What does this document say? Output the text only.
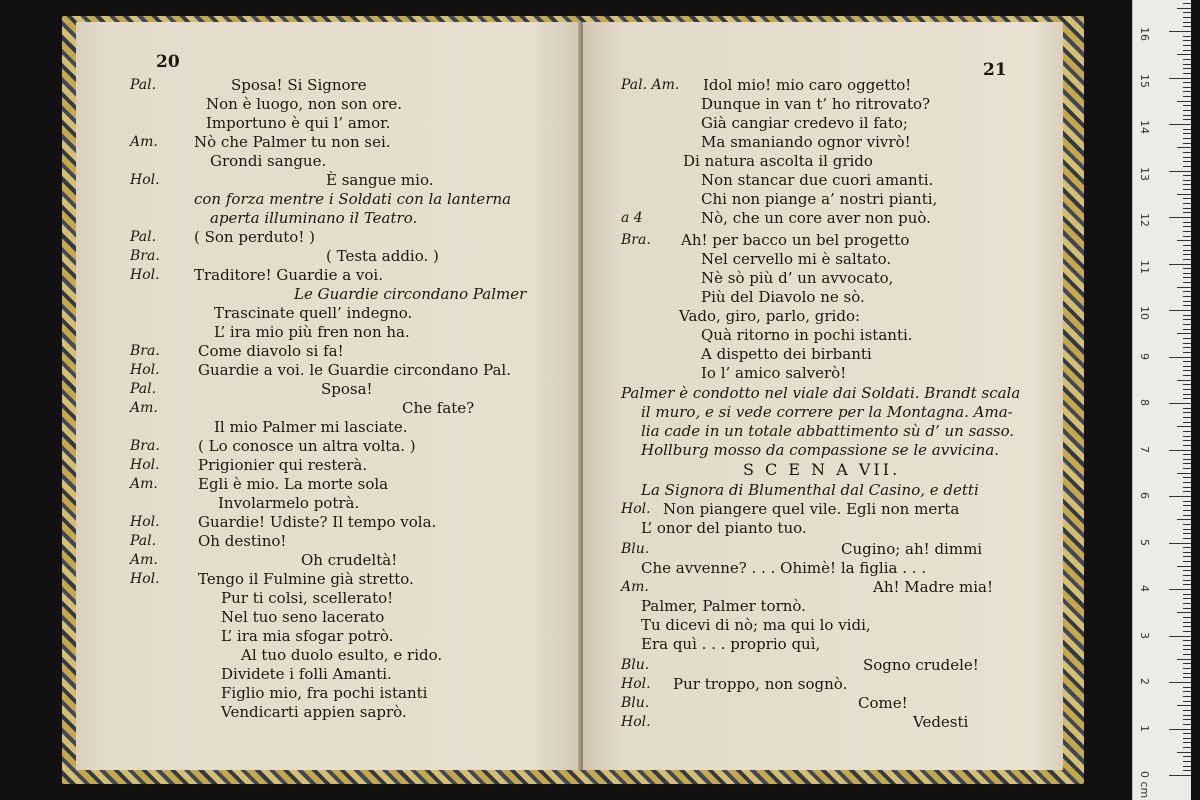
20
Pal.	Sposa! Si Signore
Non è luogo, non son ore.
Importuno è qui l’ amor.
Am. Nò che Palmer tu non sei.
Grondi sangue.
Hol.	È sangue mio.
con forza mentre i Soldati con la lanterna
aperta illuminano il Teatro.
Pal.	( Son perduto! )
Bra.	( Testa addio. )
Hol. Traditore! Guardie a voi.
Le Guardie circondano Palmer
Trascinate quell’ indegno.
L’ ira mio più fren non ha.
Bra.	Come diavolo si fa!
Hol.	Guardie a voi. le Guardie circondano Pal.
Pal.	Sposa!
Am.	Che fate?
Il mio Palmer mi lasciate.
Bra.	( Lo conosce un altra volta. )
Hol.	Prigionier qui resterà.
Am.	Egli è mio. La morte sola
Involarmelo potrà.
Hol.	Guardie! Udiste? Il tempo vola.
Pal.	Oh destino!
Am.	Oh crudeltà!
Hol.	Tengo il Fulmine già stretto.
Pur ti colsi, scellerato!
Nel tuo seno lacerato
L’ ira mia sfogar potrò.
Al tuo duolo esulto, e rido.
Dividete i folli Amanti.
Figlio mio, fra pochi istanti
Vendicarti appien saprò.
21
Pal. Am. Idol mio! mio caro oggetto!
Dunque in van t’ ho ritrovato?
Già cangiar credevo il fato;
Ma smaniando ognor vivrò!
Di natura ascolta il grido
Non stancar due cuori amanti.
Chi non piange a’ nostri pianti,
a 4	Nò, che un core aver non può.
Bra. Ah! per bacco un bel progetto
Nel cervello mi è saltato.
Nè sò più d’ un avvocato,
Più del Diavolo ne sò.
Vado, giro, parlo, grido:
Quà ritorno in pochi istanti.
A dispetto dei birbanti
Io l’ amico salverò!
Palmer è condotto nel viale dai Soldati. Brandt scala
il muro, e si vede correre per la Montagna. Ama-
lia cade in un totale abbattimento sù d’ un sasso.
Hollburg mosso da compassione se le avvicina.
S C E N A VII.
La Signora di Blumenthal dal Casino, e detti
Hol. Non piangere quel vile. Egli non merta
L’ onor del pianto tuo.
Blu.	Cugino; ah! dimmi
Che avvenne? . . . Ohimè! la figlia . . .
Am.	Ah! Madre mia!
Palmer, Palmer tornò.
Tu dicevi di nò; ma qui lo vidi,
Era quì . . . proprio quì,
Blu.	Sogno crudele!
Hol. Pur troppo, non sognò.
Blu.	Come!
Hol.	Vedesti
0 cm
1
2
3
4
5
6
7
8
9
10
11
12
13
14
15
16
